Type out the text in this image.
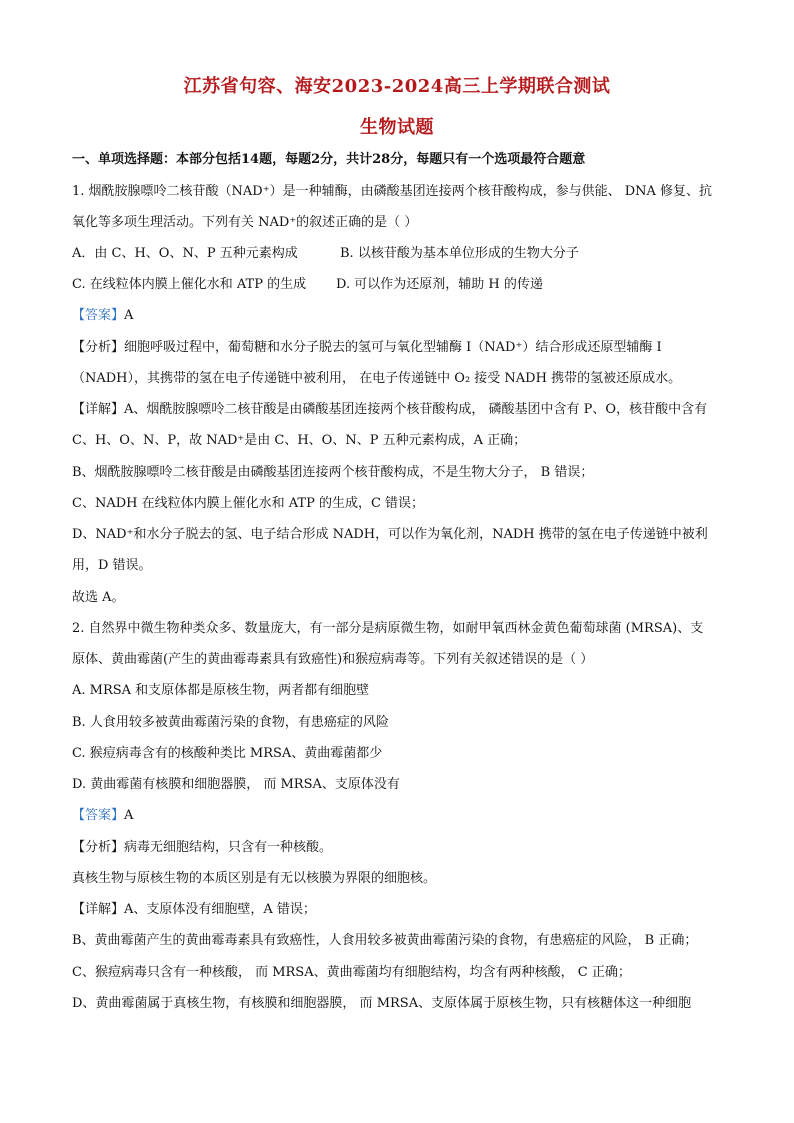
江苏省句容、海安2023-2024高三上学期联合测试
生物试题
一、单项选择题：本部分包括14题，每题2分，共计28分，每题只有一个选项最符合题意
1. 烟酰胺腺嘌呤二核苷酸（NAD⁺）是一种辅酶，由磷酸基团连接两个核苷酸构成，参与供能、 DNA 修复、抗
氧化等多项生理活动。下列有关 NAD⁺的叙述正确的是（ ）
A．由 C、H、O、N、P 五种元素构成	B. 以核苷酸为基本单位形成的生物大分子
C. 在线粒体内膜上催化水和 ATP 的生成	D. 可以作为还原剂，辅助 H 的传递
【答案】A
【分析】细胞呼吸过程中，葡萄糖和水分子脱去的氢可与氧化型辅酶 I（NAD⁺）结合形成还原型辅酶 I
（NADH），其携带的氢在电子传递链中被利用， 在电子传递链中 O₂ 接受 NADH 携带的氢被还原成水。
【详解】A、烟酰胺腺嘌呤二核苷酸是由磷酸基团连接两个核苷酸构成， 磷酸基团中含有 P、O，核苷酸中含有
C、H、O、N、P，故 NAD⁺是由 C、H、O、N、P 五种元素构成，A 正确；
B、烟酰胺腺嘌呤二核苷酸是由磷酸基团连接两个核苷酸构成，不是生物大分子， B 错误；
C、NADH 在线粒体内膜上催化水和 ATP 的生成，C 错误；
D、NAD⁺和水分子脱去的氢、电子结合形成 NADH，可以作为氧化剂，NADH 携带的氢在电子传递链中被利
用，D 错误。
故选 A。
2. 自然界中微生物种类众多、数量庞大，有一部分是病原微生物，如耐甲氧西林金黄色葡萄球菌 (MRSA)、支
原体、黄曲霉菌(产生的黄曲霉毒素具有致癌性)和猴痘病毒等。下列有关叙述错误的是（ ）
A. MRSA 和支原体都是原核生物，两者都有细胞壁
B. 人食用较多被黄曲霉菌污染的食物，有患癌症的风险
C. 猴痘病毒含有的核酸种类比 MRSA、黄曲霉菌都少
D. 黄曲霉菌有核膜和细胞器膜， 而 MRSA、支原体没有
【答案】A
【分析】病毒无细胞结构，只含有一种核酸。
真核生物与原核生物的本质区别是有无以核膜为界限的细胞核。
【详解】A、支原体没有细胞壁，A 错误；
B、黄曲霉菌产生的黄曲霉毒素具有致癌性，人食用较多被黄曲霉菌污染的食物，有患癌症的风险， B 正确；
C、猴痘病毒只含有一种核酸， 而 MRSA、黄曲霉菌均有细胞结构，均含有两种核酸， C 正确；
D、黄曲霉菌属于真核生物，有核膜和细胞器膜， 而 MRSA、支原体属于原核生物，只有核糖体这一种细胞
